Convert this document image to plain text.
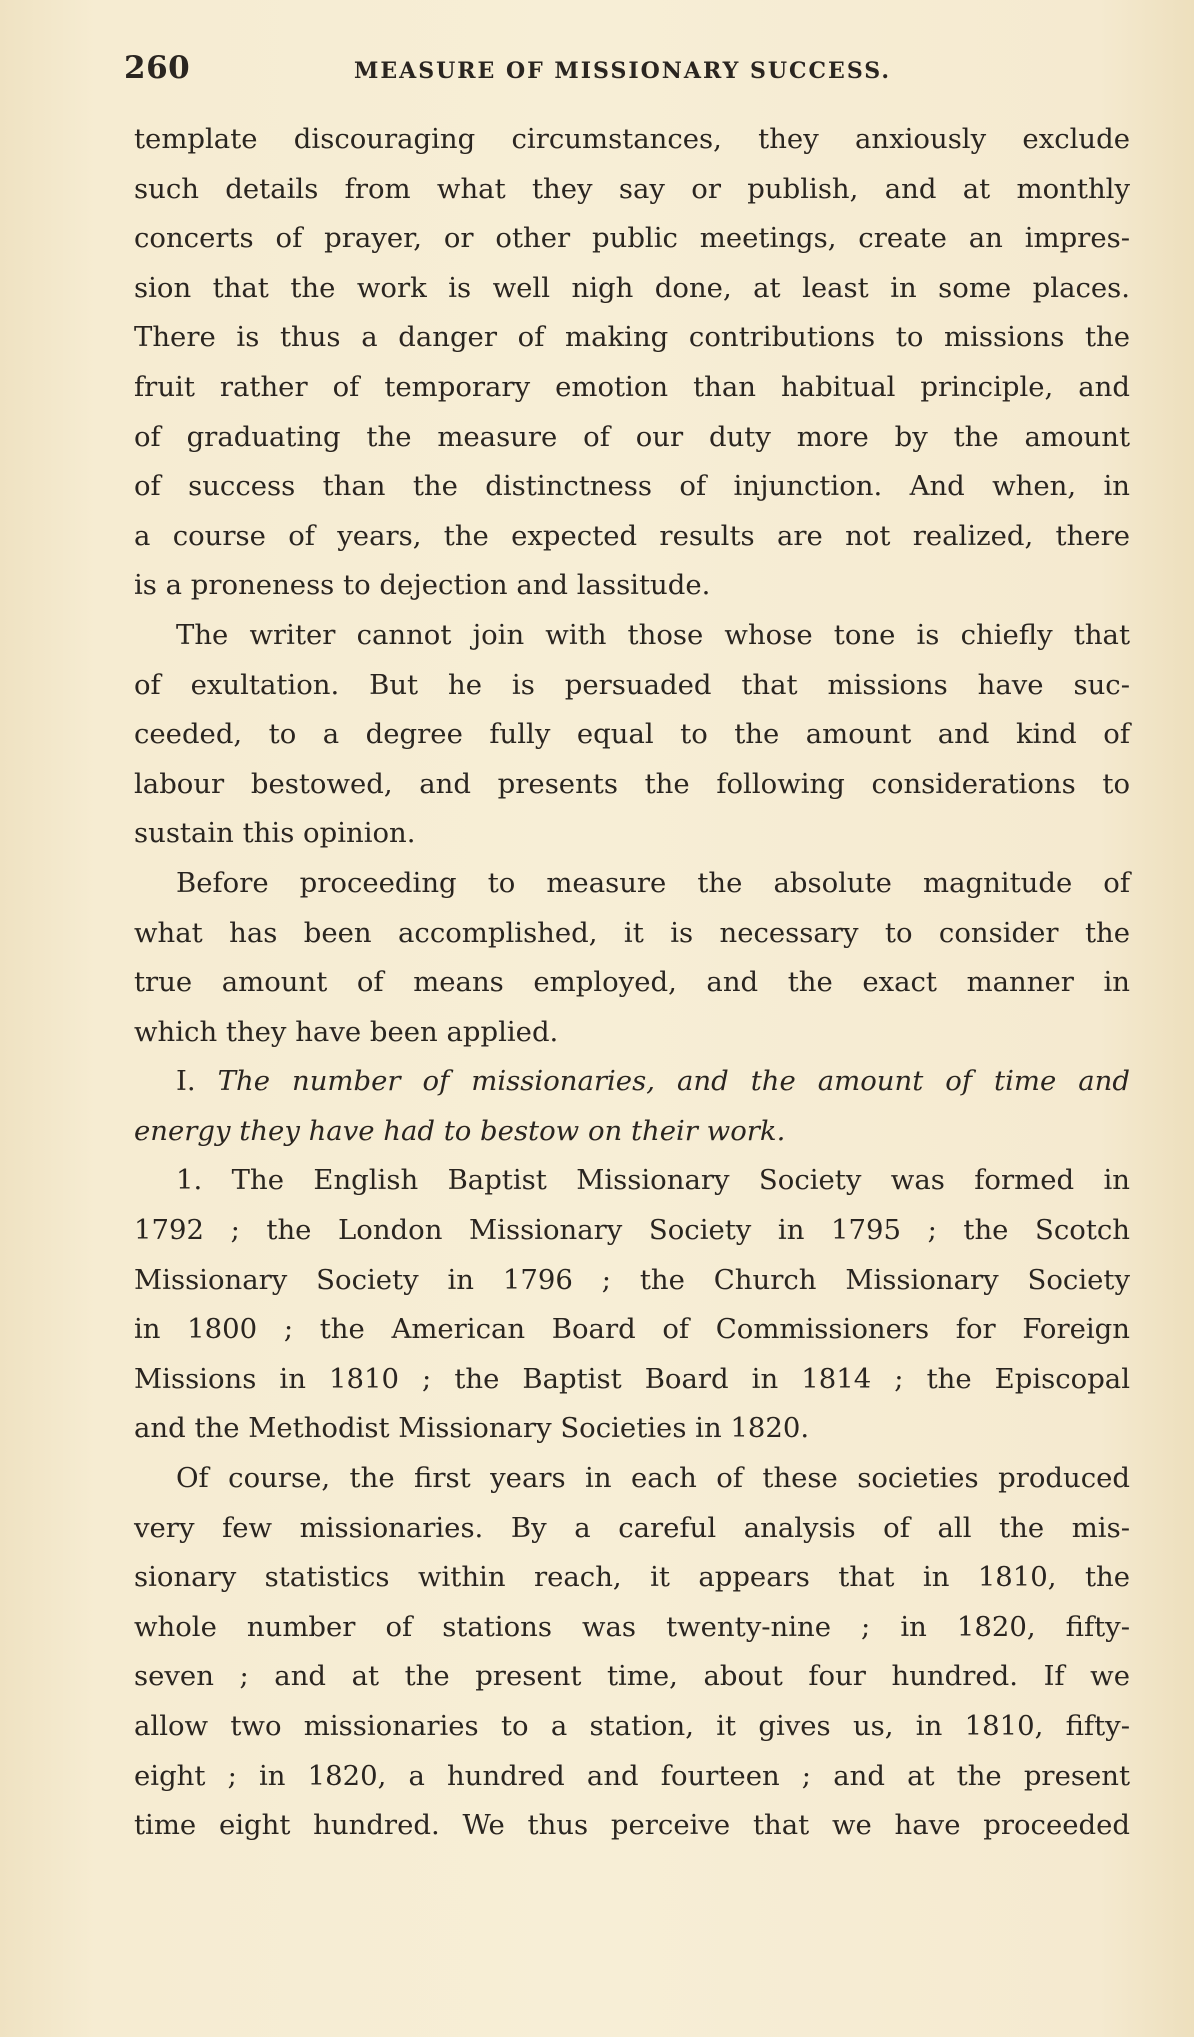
260	MEASURE OF MISSIONARY SUCCESS.
template discouraging circumstances, they anxiously exclude
such details from what they say or publish, and at monthly
concerts of prayer, or other public meetings, create an impres-
sion that the work is well nigh done, at least in some places.
There is thus a danger of making contributions to missions the
fruit rather of temporary emotion than habitual principle, and
of graduating the measure of our duty more by the amount
of success than the distinctness of injunction. And when, in
a course of years, the expected results are not realized, there
is a proneness to dejection and lassitude.
The writer cannot join with those whose tone is chiefly that
of exultation. But he is persuaded that missions have suc-
ceeded, to a degree fully equal to the amount and kind of
labour bestowed, and presents the following considerations to
sustain this opinion.
Before proceeding to measure the absolute magnitude of
what has been accomplished, it is necessary to consider the
true amount of means employed, and the exact manner in
which they have been applied.
I. The number of missionaries, and the amount of time and
energy they have had to bestow on their work.
1. The English Baptist Missionary Society was formed in
1792 ; the London Missionary Society in 1795 ; the Scotch
Missionary Society in 1796 ; the Church Missionary Society
in 1800 ; the American Board of Commissioners for Foreign
Missions in 1810 ; the Baptist Board in 1814 ; the Episcopal
and the Methodist Missionary Societies in 1820.
Of course, the first years in each of these societies produced
very few missionaries. By a careful analysis of all the mis-
sionary statistics within reach, it appears that in 1810, the
whole number of stations was twenty-nine ; in 1820, fifty-
seven ; and at the present time, about four hundred. If we
allow two missionaries to a station, it gives us, in 1810, fifty-
eight ; in 1820, a hundred and fourteen ; and at the present
time eight hundred. We thus perceive that we have proceeded
